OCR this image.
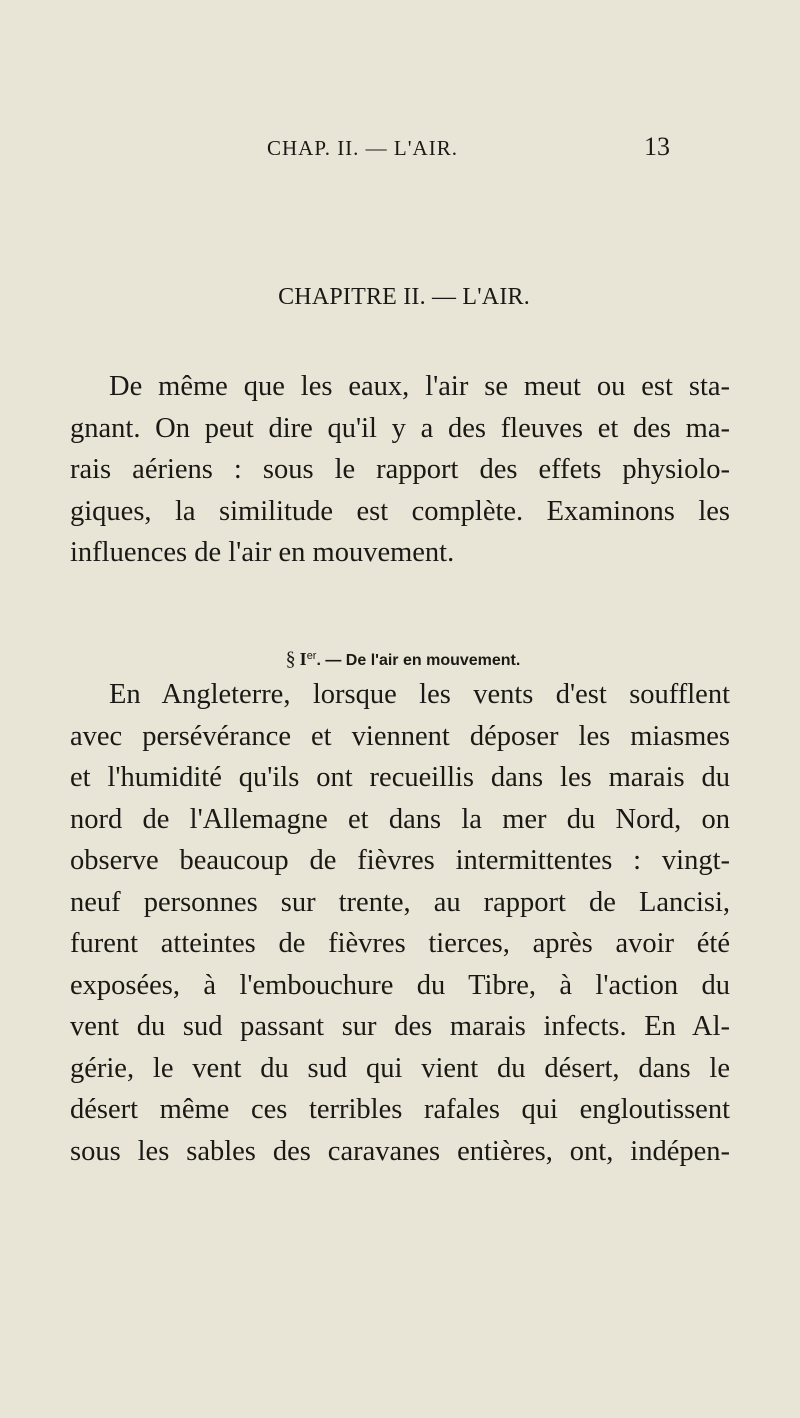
CHAP. II. — L'AIR.	13
CHAPITRE II. — L'AIR.
De même que les eaux, l'air se meut ou est sta-
gnant. On peut dire qu'il y a des fleuves et des ma-
rais aériens : sous le rapport des effets physiolo-
giques, la similitude est complète. Examinons les
influences de l'air en mouvement.
§ Ier. — De l'air en mouvement.
En Angleterre, lorsque les vents d'est soufflent
avec persévérance et viennent déposer les miasmes
et l'humidité qu'ils ont recueillis dans les marais du
nord de l'Allemagne et dans la mer du Nord, on
observe beaucoup de fièvres intermittentes : vingt-
neuf personnes sur trente, au rapport de Lancisi,
furent atteintes de fièvres tierces, après avoir été
exposées, à l'embouchure du Tibre, à l'action du
vent du sud passant sur des marais infects. En Al-
gérie, le vent du sud qui vient du désert, dans le
désert même ces terribles rafales qui engloutissent
sous les sables des caravanes entières, ont, indépen-
